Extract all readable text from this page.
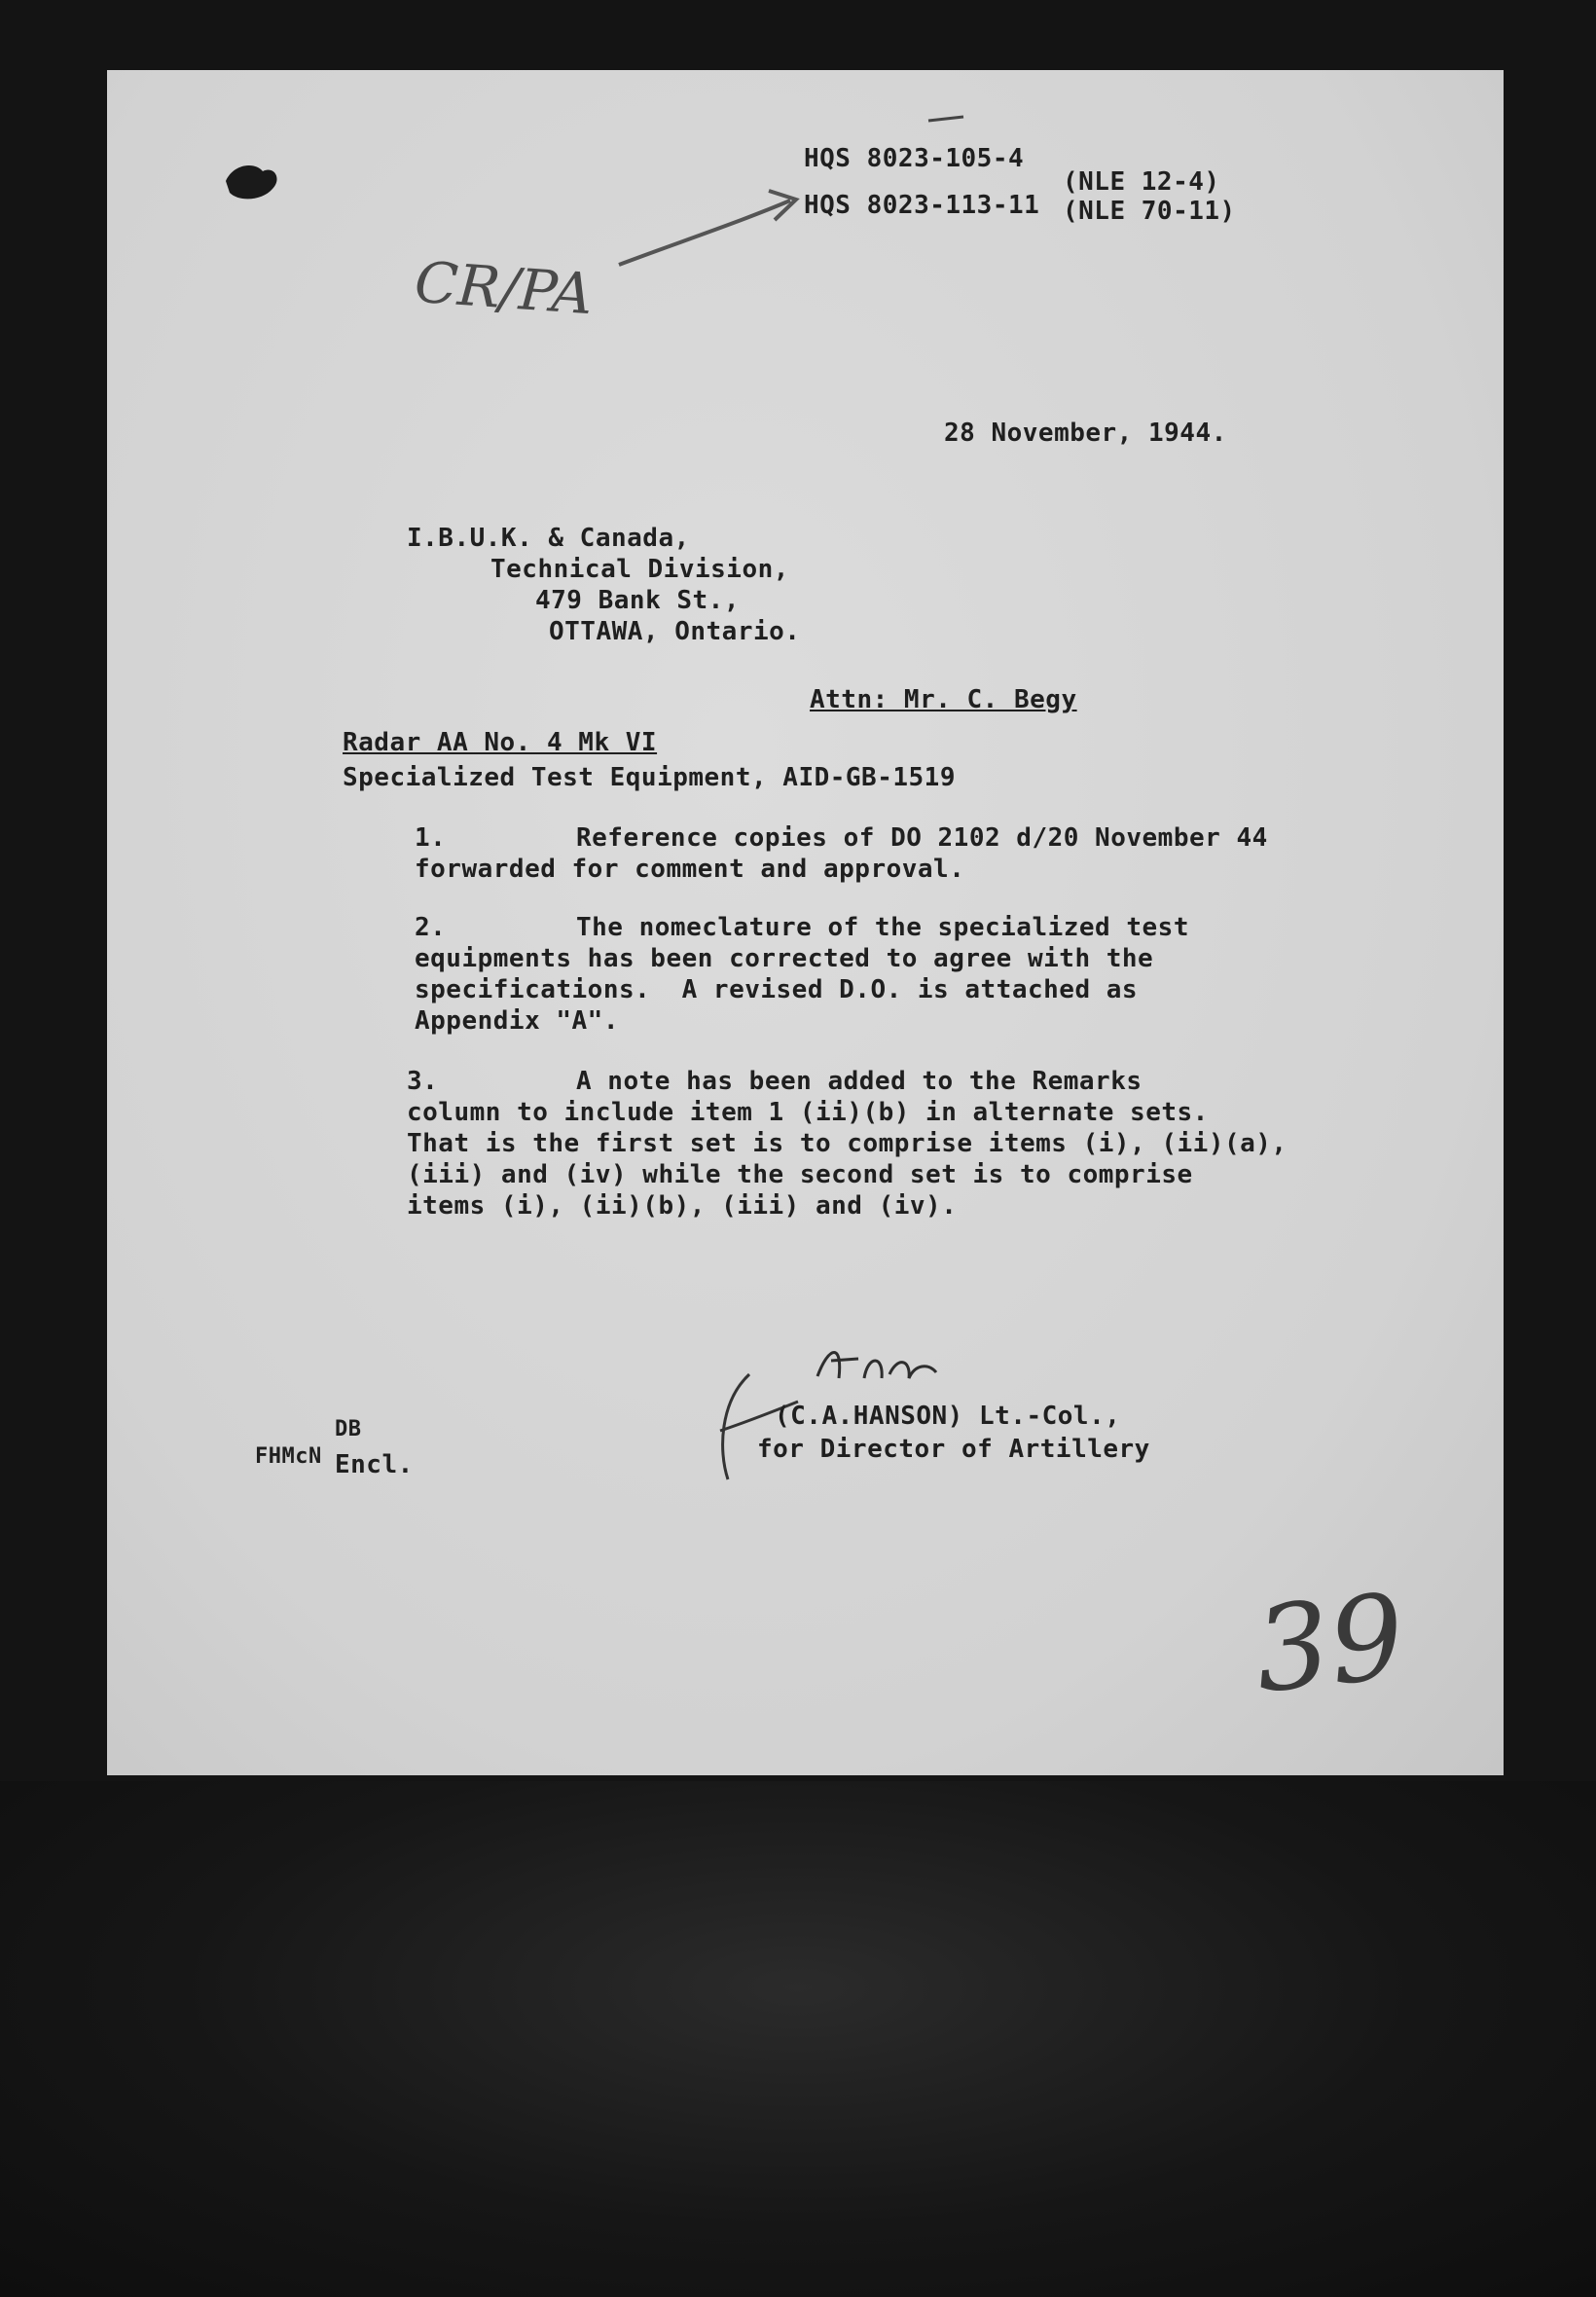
HQS 8023-105-4

HQS 8023-113-11

(NLE 12-4)

(NLE 70-11)

CR/PA

28 November, 1944.

I.B.U.K. & Canada,

Technical Division,

479 Bank St.,

OTTAWA, Ontario.

Attn: Mr. C. Begy

Radar AA No. 4 Mk VI

Specialized Test Equipment, AID-GB-1519

1.	Reference copies of DO 2102 d/20 November 44

forwarded for comment and approval.

2.	The nomeclature of the specialized test

equipments has been corrected to agree with the

specifications.  A revised D.O. is attached as

Appendix "A".

3.	A note has been added to the Remarks

column to include item 1 (ii)(b) in alternate sets.

That is the first set is to comprise items (i), (ii)(a),

(iii) and (iv) while the second set is to comprise

items (i), (ii)(b), (iii) and (iv).

(C.A.HANSON) Lt.-Col.,

for Director of Artillery

DB

FHMcN Encl.

39
